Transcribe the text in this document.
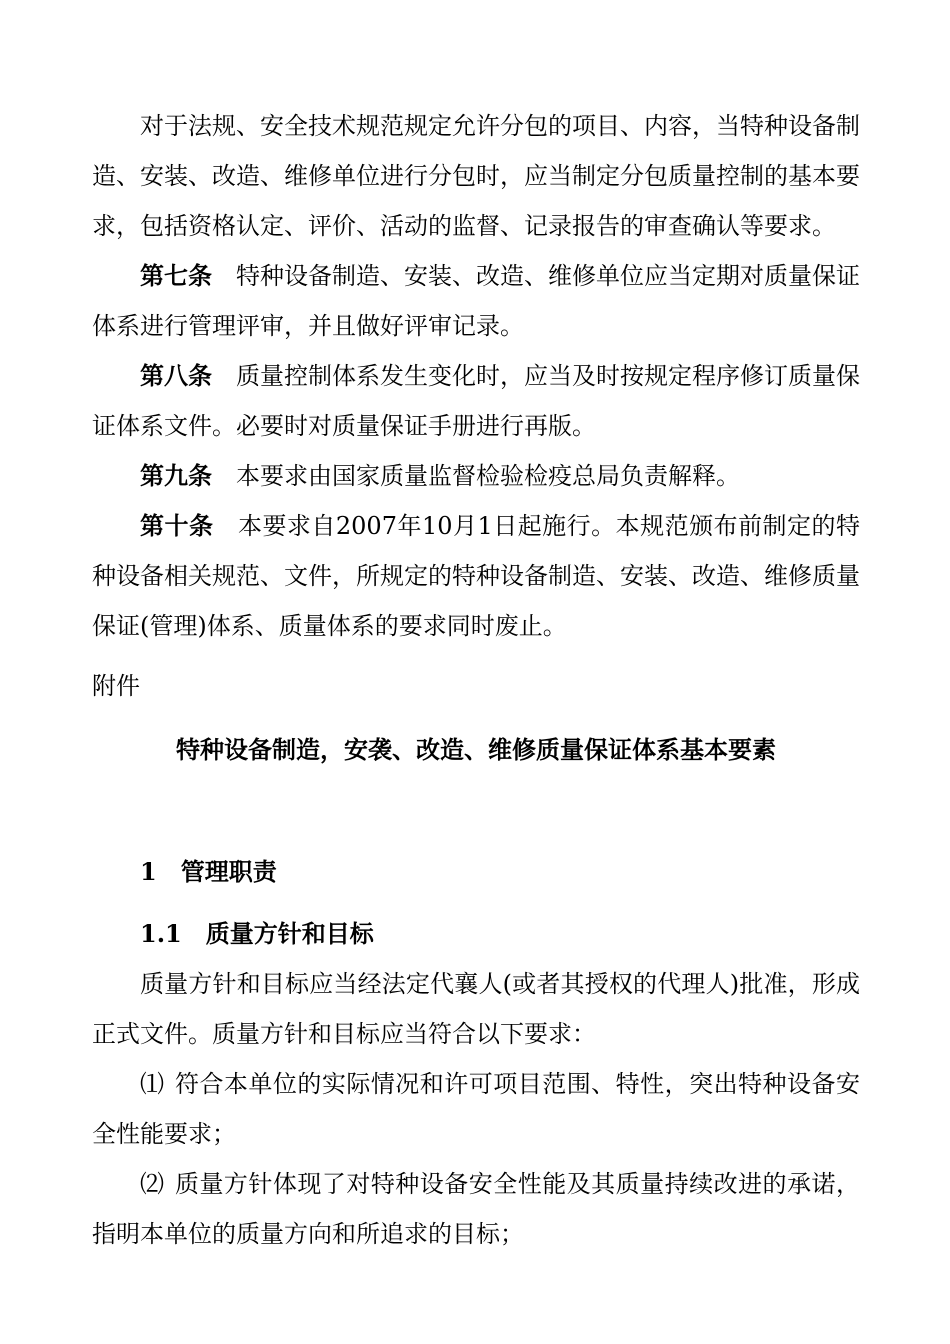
对于法规、安全技术规范规定允许分包的项目、内容，当特种设备制造、安装、改造、维修单位进行分包时，应当制定分包质量控制的基本要求，包括资格认定、评价、活动的监督、记录报告的审查确认等要求。
第七条 特种设备制造、安装、改造、维修单位应当定期对质量保证体系进行管理评审，并且做好评审记录。
第八条 质量控制体系发生变化时，应当及时按规定程序修订质量保证体系文件。必要时对质量保证手册进行再版。
第九条 本要求由国家质量监督检验检疫总局负责解释。
第十条 本要求自2007年10月1日起施行。本规范颁布前制定的特种设备相关规范、文件，所规定的特种设备制造、安装、改造、维修质量保证(管理)体系、质量体系的要求同时废止。
附件
特种设备制造，安袭、改造、维修质量保证体系基本要素
1 管理职责
1.1 质量方针和目标
质量方针和目标应当经法定代襄人(或者其授权的代理人)批准，形成正式文件。质量方针和目标应当符合以下要求：
⑴ 符合本单位的实际情况和许可项目范围、特性，突出特种设备安全性能要求；
⑵ 质量方针体现了对特种设备安全性能及其质量持续改进的承诺，指明本单位的质量方向和所追求的目标；
